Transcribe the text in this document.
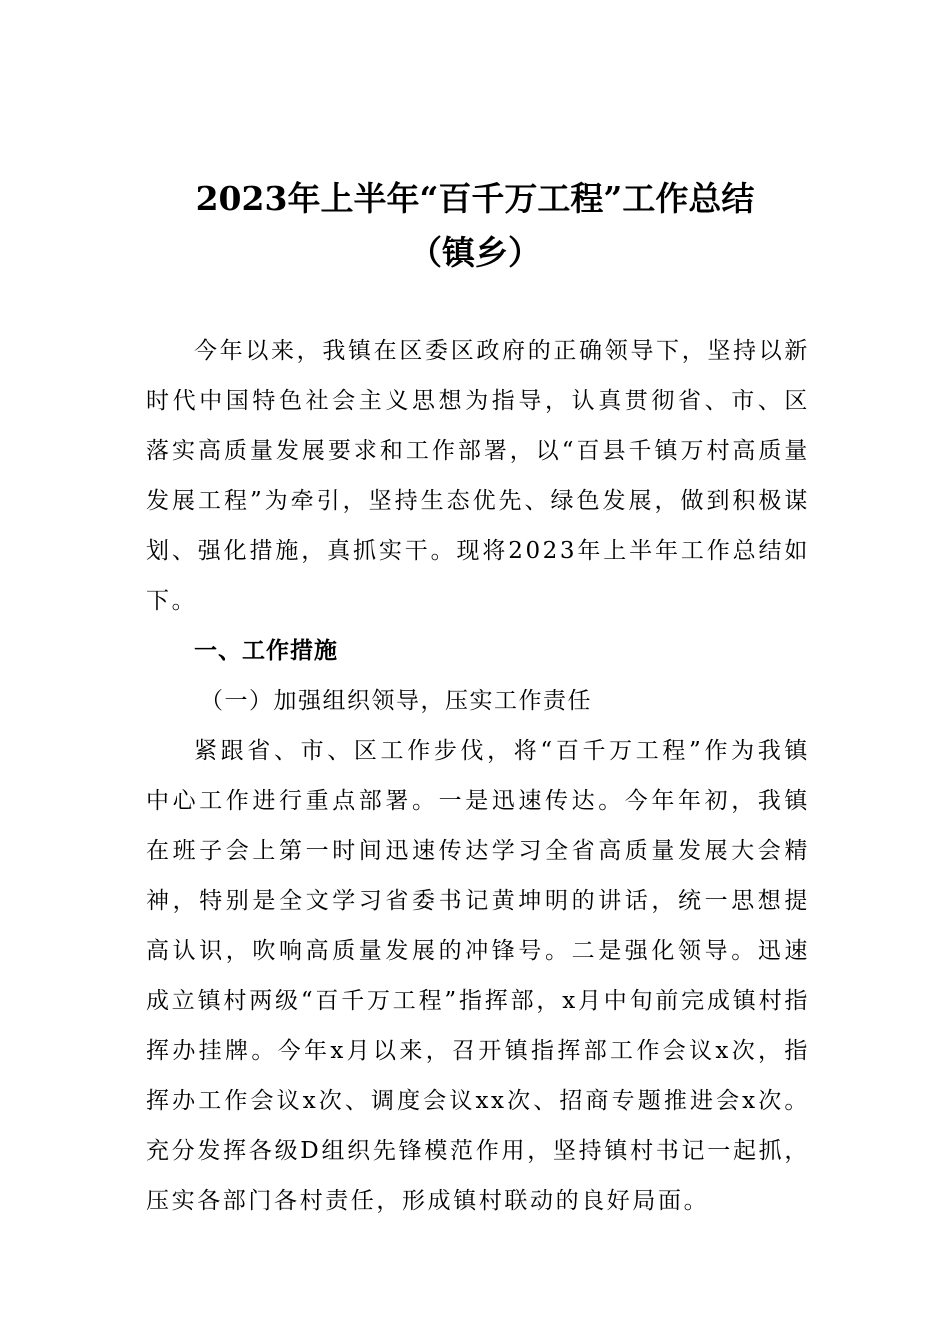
2023年上半年“百千万工程”工作总结
（镇乡）

今年以来，我镇在区委区政府的正确领导下，坚持以新时代中国特色社会主义思想为指导，认真贯彻省、市、区落实高质量发展要求和工作部署，以“百县千镇万村高质量发展工程”为牵引，坚持生态优先、绿色发展，做到积极谋划、强化措施，真抓实干。现将2023年上半年工作总结如下。

一、工作措施
（一）加强组织领导，压实工作责任

紧跟省、市、区工作步伐，将“百千万工程”作为我镇中心工作进行重点部署。一是迅速传达。今年年初，我镇在班子会上第一时间迅速传达学习全省高质量发展大会精神，特别是全文学习省委书记黄坤明的讲话，统一思想提高认识，吹响高质量发展的冲锋号。二是强化领导。迅速成立镇村两级“百千万工程”指挥部，x月中旬前完成镇村指挥办挂牌。今年x月以来，召开镇指挥部工作会议x次，指挥办工作会议x次、调度会议xx次、招商专题推进会x次。充分发挥各级D组织先锋模范作用，坚持镇村书记一起抓，压实各部门各村责任，形成镇村联动的良好局面。
